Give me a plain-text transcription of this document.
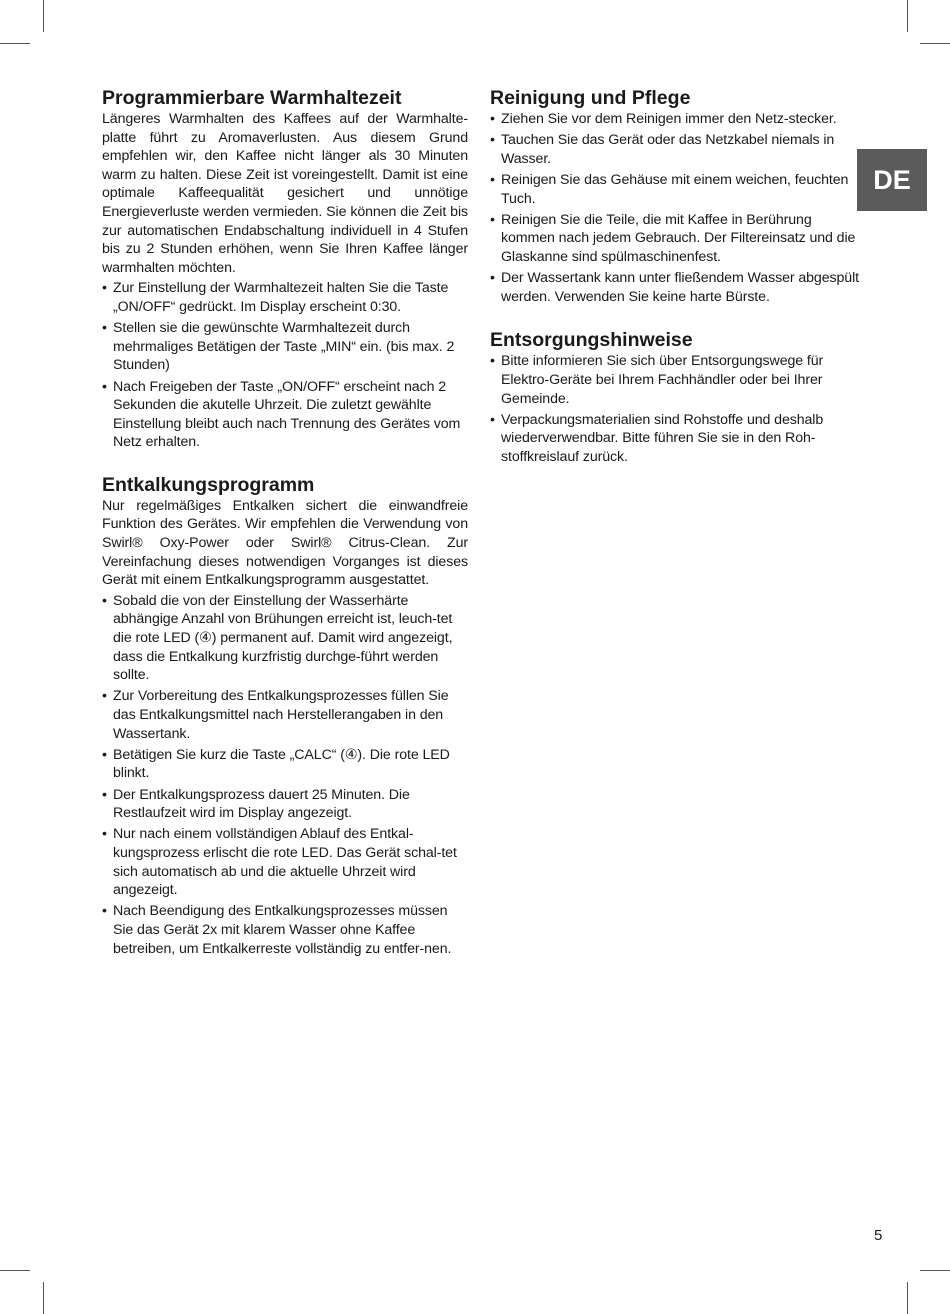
Programmierbare Warmhaltezeit

Längeres Warmhalten des Kaffees auf der Warmhalte-platte führt zu Aromaverlusten. Aus diesem Grund empfehlen wir, den Kaffee nicht länger als 30 Minuten warm zu halten. Diese Zeit ist voreingestellt. Damit ist eine optimale Kaffeequalität gesichert und unnötige Energieverluste werden vermieden. Sie können die Zeit bis zur automatischen Endabschaltung individuell in 4 Stufen bis zu 2 Stunden erhöhen, wenn Sie Ihren Kaffee länger warmhalten möchten.

• Zur Einstellung der Warmhaltezeit halten Sie die Taste „ON/OFF“ gedrückt. Im Display erscheint 0:30.
• Stellen sie die gewünschte Warmhaltezeit durch mehrmaliges Betätigen der Taste „MIN“ ein. (bis max. 2 Stunden)
• Nach Freigeben der Taste „ON/OFF“ erscheint nach 2 Sekunden die akutelle Uhrzeit. Die zuletzt gewählte Einstellung bleibt auch nach Trennung des Gerätes vom Netz erhalten.
Entkalkungsprogramm

Nur regelmäßiges Entkalken sichert die einwandfreie Funktion des Gerätes. Wir empfehlen die Verwendung von Swirl® Oxy-Power oder Swirl® Citrus-Clean. Zur Vereinfachung dieses notwendigen Vorganges ist dieses Gerät mit einem Entkalkungsprogramm ausgestattet.

• Sobald die von der Einstellung der Wasserhärte abhängige Anzahl von Brühungen erreicht ist, leuch-tet die rote LED (④) permanent auf. Damit wird angezeigt, dass die Entkalkung kurzfristig durchge-führt werden sollte.
• Zur Vorbereitung des Entkalkungsprozesses füllen Sie das Entkalkungsmittel nach Herstellerangaben in den Wassertank.
• Betätigen Sie kurz die Taste „CALC“ (④). Die rote LED blinkt.
• Der Entkalkungsprozess dauert 25 Minuten. Die Restlaufzeit wird im Display angezeigt.
• Nur nach einem vollständigen Ablauf des Entkal-kungsprozess erlischt die rote LED. Das Gerät schal-tet sich automatisch ab und die aktuelle Uhrzeit wird angezeigt.
• Nach Beendigung des Entkalkungsprozesses müssen Sie das Gerät 2x mit klarem Wasser ohne Kaffee betreiben, um Entkalkerreste vollständig zu entfer-nen.
Reinigung und Pflege
• Ziehen Sie vor dem Reinigen immer den Netz-stecker.
• Tauchen Sie das Gerät oder das Netzkabel niemals in Wasser.
• Reinigen Sie das Gehäuse mit einem weichen, feuchten Tuch.
• Reinigen Sie die Teile, die mit Kaffee in Berührung kommen nach jedem Gebrauch. Der Filtereinsatz und die Glaskanne sind spülmaschinenfest.
• Der Wassertank kann unter fließendem Wasser abgespült werden. Verwenden Sie keine harte Bürste.
Entsorgungshinweise
• Bitte informieren Sie sich über Entsorgungswege für Elektro-Geräte bei Ihrem Fachhändler oder bei Ihrer Gemeinde.
• Verpackungsmaterialien sind Rohstoffe und deshalb wiederverwendbar. Bitte führen Sie sie in den Roh-stoffkreislauf zurück.
DE
5
